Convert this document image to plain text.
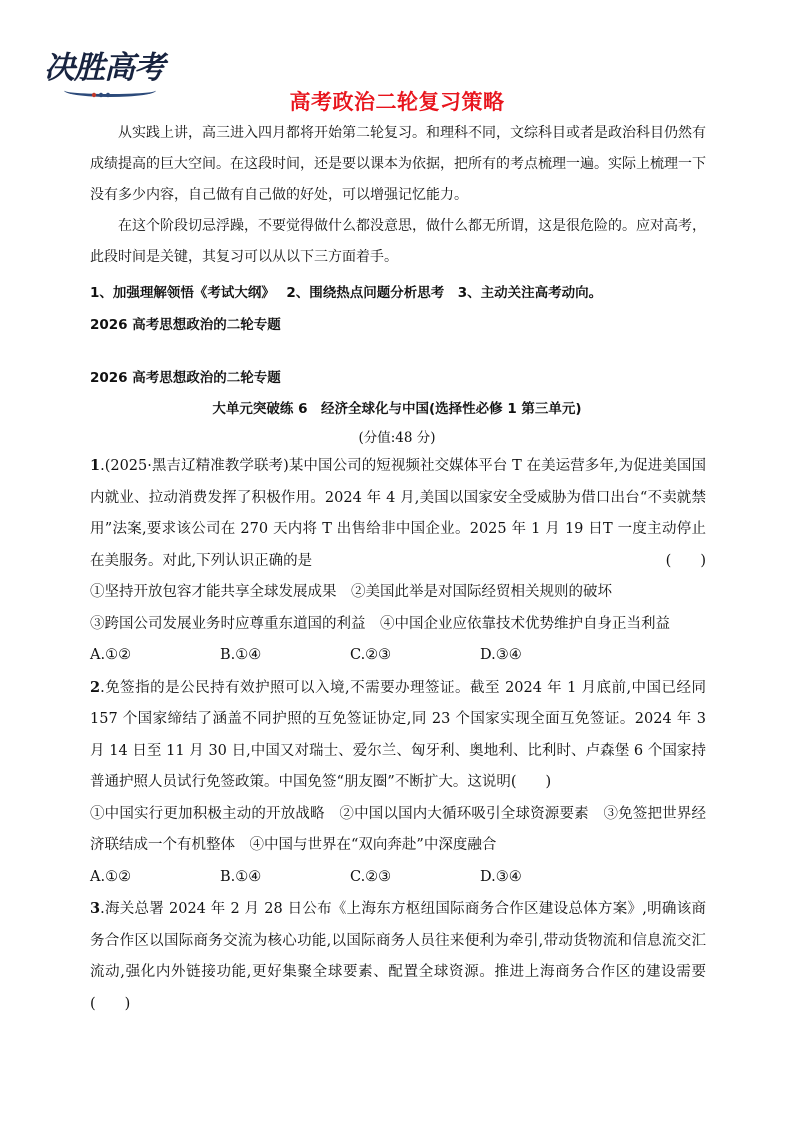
决胜高考
高考政治二轮复习策略

从实践上讲，高三进入四月都将开始第二轮复习。和理科不同，文综科目或者是政治科目仍然有成绩提高的巨大空间。在这段时间，还是要以课本为依据，把所有的考点梳理一遍。实际上梳理一下没有多少内容，自己做有自己做的好处，可以增强记忆能力。

在这个阶段切忌浮躁，不要觉得做什么都没意思，做什么都无所谓，这是很危险的。应对高考，此段时间是关键，其复习可以从以下三方面着手。

1、加强理解领悟《考试大纲》　 2、围绕热点问题分析思考　3、主动关注高考动向。
2026 高考思想政治的二轮专题
2026 高考思想政治的二轮专题
大单元突破练 6　经济全球化与中国(选择性必修 1 第三单元)
(分值:48 分)

1.(2025·黑吉辽精准教学联考)某中国公司的短视频社交媒体平台 T 在美运营多年,为促进美国国内就业、拉动消费发挥了积极作用。2024 年 4 月,美国以国家安全受威胁为借口出台“不卖就禁用”法案,要求该公司在 270 天内将 T 出售给非中国企业。2025 年 1 月 19 日T 一度主动停止在美服务。对此,下列认识正确的是	(　　)

①坚持开放包容才能共享全球发展成果　②美国此举是对国际经贸相关规则的破坏

③跨国公司发展业务时应尊重东道国的利益　④中国企业应依靠技术优势维护自身正当利益

A.①②	B.①④	C.②③	D.③④

2.免签指的是公民持有效护照可以入境,不需要办理签证。截至 2024 年 1 月底前,中国已经同 157 个国家缔结了涵盖不同护照的互免签证协定,同 23 个国家实现全面互免签证。2024 年 3 月 14 日至 11 月 30 日,中国又对瑞士、爱尔兰、匈牙利、奥地利、比利时、卢森堡 6 个国家持普通护照人员试行免签政策。中国免签“朋友圈”不断扩大。这说明(　　)

①中国实行更加积极主动的开放战略　②中国以国内大循环吸引全球资源要素　③免签把世界经济联结成一个有机整体　④中国与世界在“双向奔赴”中深度融合

A.①②	B.①④	C.②③	D.③④

3.海关总署 2024 年 2 月 28 日公布《上海东方枢纽国际商务合作区建设总体方案》,明确该商务合作区以国际商务交流为核心功能,以国际商务人员往来便利为牵引,带动货物流和信息流交汇流动,强化内外链接功能,更好集聚全球要素、配置全球资源。推进上海商务合作区的建设需要(　　)
